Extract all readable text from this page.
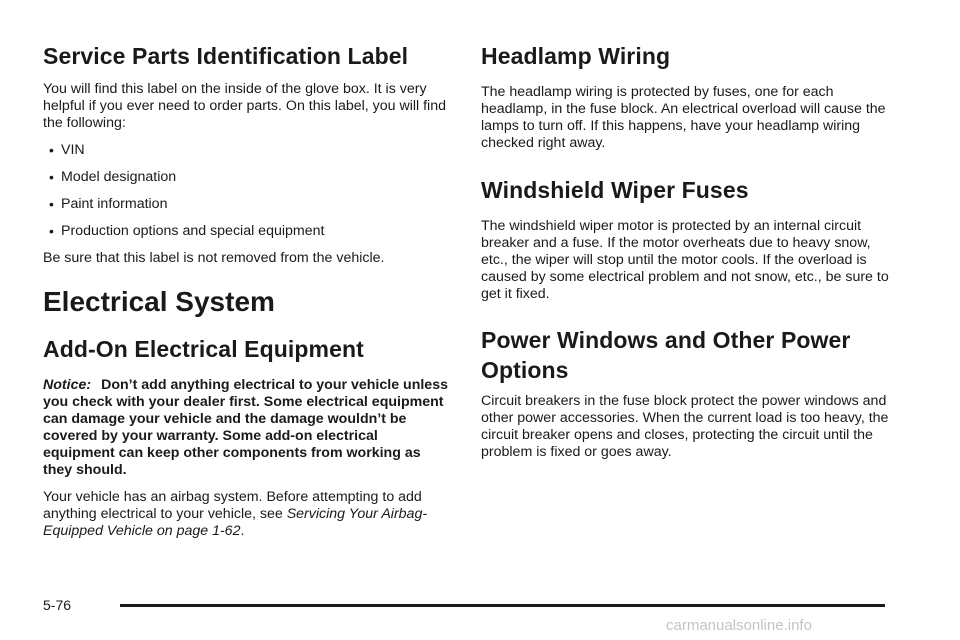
Service Parts Identification Label

You will find this label on the inside of the glove box. It is very helpful if you ever need to order parts. On this label, you will find the following:

• VIN
• Model designation
• Paint information
• Production options and special equipment

Be sure that this label is not removed from the vehicle.

Electrical System
Add-On Electrical Equipment

Notice: Don’t add anything electrical to your vehicle unless you check with your dealer first. Some electrical equipment can damage your vehicle and the damage wouldn’t be covered by your warranty. Some add-on electrical equipment can keep other components from working as they should.

Your vehicle has an airbag system. Before attempting to add anything electrical to your vehicle, see Servicing Your Airbag-Equipped Vehicle on page 1-62.

Headlamp Wiring

The headlamp wiring is protected by fuses, one for each headlamp, in the fuse block. An electrical overload will cause the lamps to turn off. If this happens, have your headlamp wiring checked right away.

Windshield Wiper Fuses

The windshield wiper motor is protected by an internal circuit breaker and a fuse. If the motor overheats due to heavy snow, etc., the wiper will stop until the motor cools. If the overload is caused by some electrical problem and not snow, etc., be sure to get it fixed.

Power Windows and Other Power
Options

Circuit breakers in the fuse block protect the power windows and other power accessories. When the current load is too heavy, the circuit breaker opens and closes, protecting the circuit until the problem is fixed or goes away.

5-76
carmanualsonline.info
